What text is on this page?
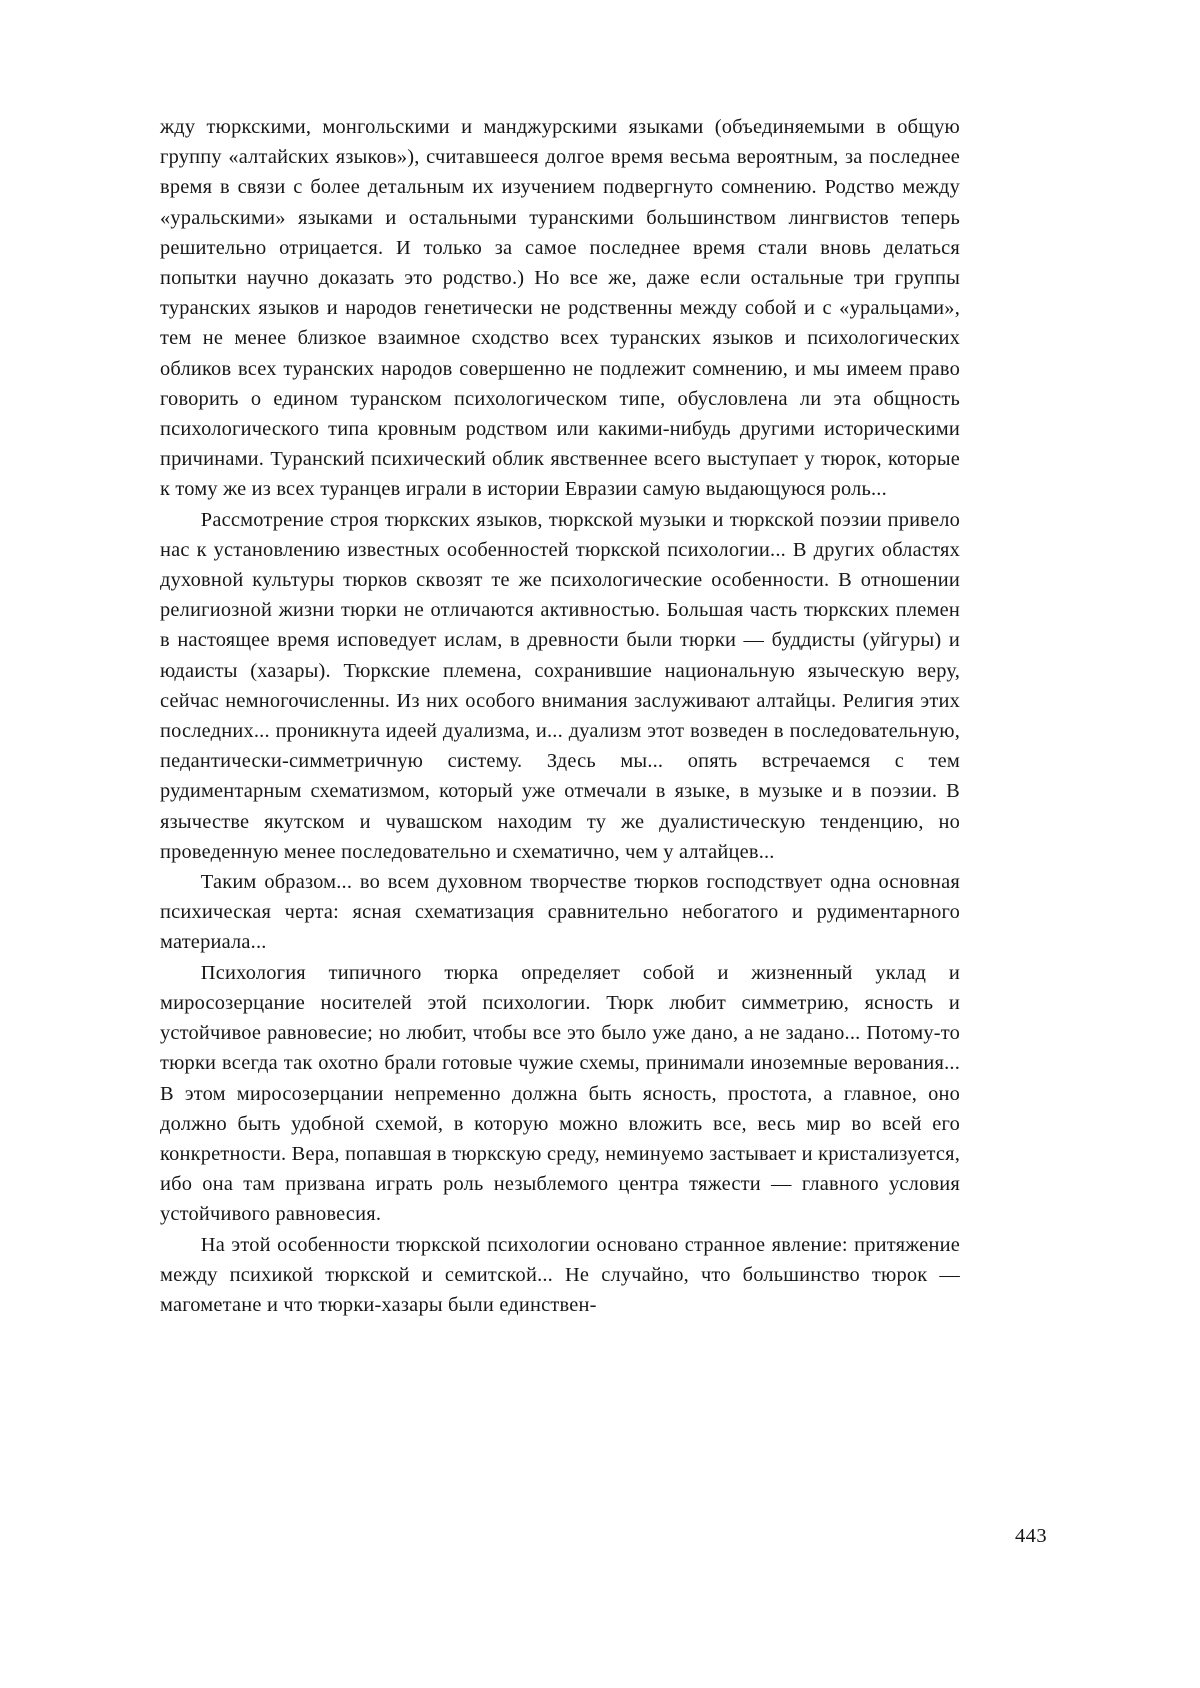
жду тюркскими, монгольскими и манджурскими языками (объединяемыми в общую группу «алтайских языков»), считавшееся долгое время весьма вероятным, за последнее время в связи с более детальным их изучением подвергнуто сомнению. Родство между «уральскими» языками и остальными туранскими большинством лингвистов теперь решительно отрицается. И только за самое последнее время стали вновь делаться попытки научно доказать это родство.) Но все же, даже если остальные три группы туранских языков и народов генетически не родственны между собой и с «уральцами», тем не менее близкое взаимное сходство всех туранских языков и психологических обликов всех туранских народов совершенно не подлежит сомнению, и мы имеем право говорить о едином туранском психологическом типе, обусловлена ли эта общность психологического типа кровным родством или какими-нибудь другими историческими причинами. Туранский психический облик явственнее всего выступает у тюрок, которые к тому же из всех туранцев играли в истории Евразии самую выдающуюся роль...

Рассмотрение строя тюркских языков, тюркской музыки и тюркской поэзии привело нас к установлению известных особенностей тюркской психологии... В других областях духовной культуры тюрков сквозят те же психологические особенности. В отношении религиозной жизни тюрки не отличаются активностью. Большая часть тюркских племен в настоящее время исповедует ислам, в древности были тюрки — буддисты (уйгуры) и юдаисты (хазары). Тюркские племена, сохранившие национальную языческую веру, сейчас немногочисленны. Из них особого внимания заслуживают алтайцы. Религия этих последних... проникнута идеей дуализма, и... дуализм этот возведен в последовательную, педантически-симметричную систему. Здесь мы... опять встречаемся с тем рудиментарным схематизмом, который уже отмечали в языке, в музыке и в поэзии. В язычестве якутском и чувашском находим ту же дуалистическую тенденцию, но проведенную менее последовательно и схематично, чем у алтайцев...

Таким образом... во всем духовном творчестве тюрков господствует одна основная психическая черта: ясная схематизация сравнительно небогатого и рудиментарного материала...

Психология типичного тюрка определяет собой и жизненный уклад и миросозерцание носителей этой психологии. Тюрк любит симметрию, ясность и устойчивое равновесие; но любит, чтобы все это было уже дано, а не задано... Потому-то тюрки всегда так охотно брали готовые чужие схемы, принимали иноземные верования... В этом миросозерцании непременно должна быть ясность, простота, а главное, оно должно быть удобной схемой, в которую можно вложить все, весь мир во всей его конкретности. Вера, попавшая в тюркскую среду, неминуемо застывает и кристализуется, ибо она там призвана играть роль незыблемого центра тяжести — главного условия устойчивого равновесия.

На этой особенности тюркской психологии основано странное явление: притяжение между психикой тюркской и семитской... Не случайно, что большинство тюрок — магометане и что тюрки-хазары были единствен-

443
